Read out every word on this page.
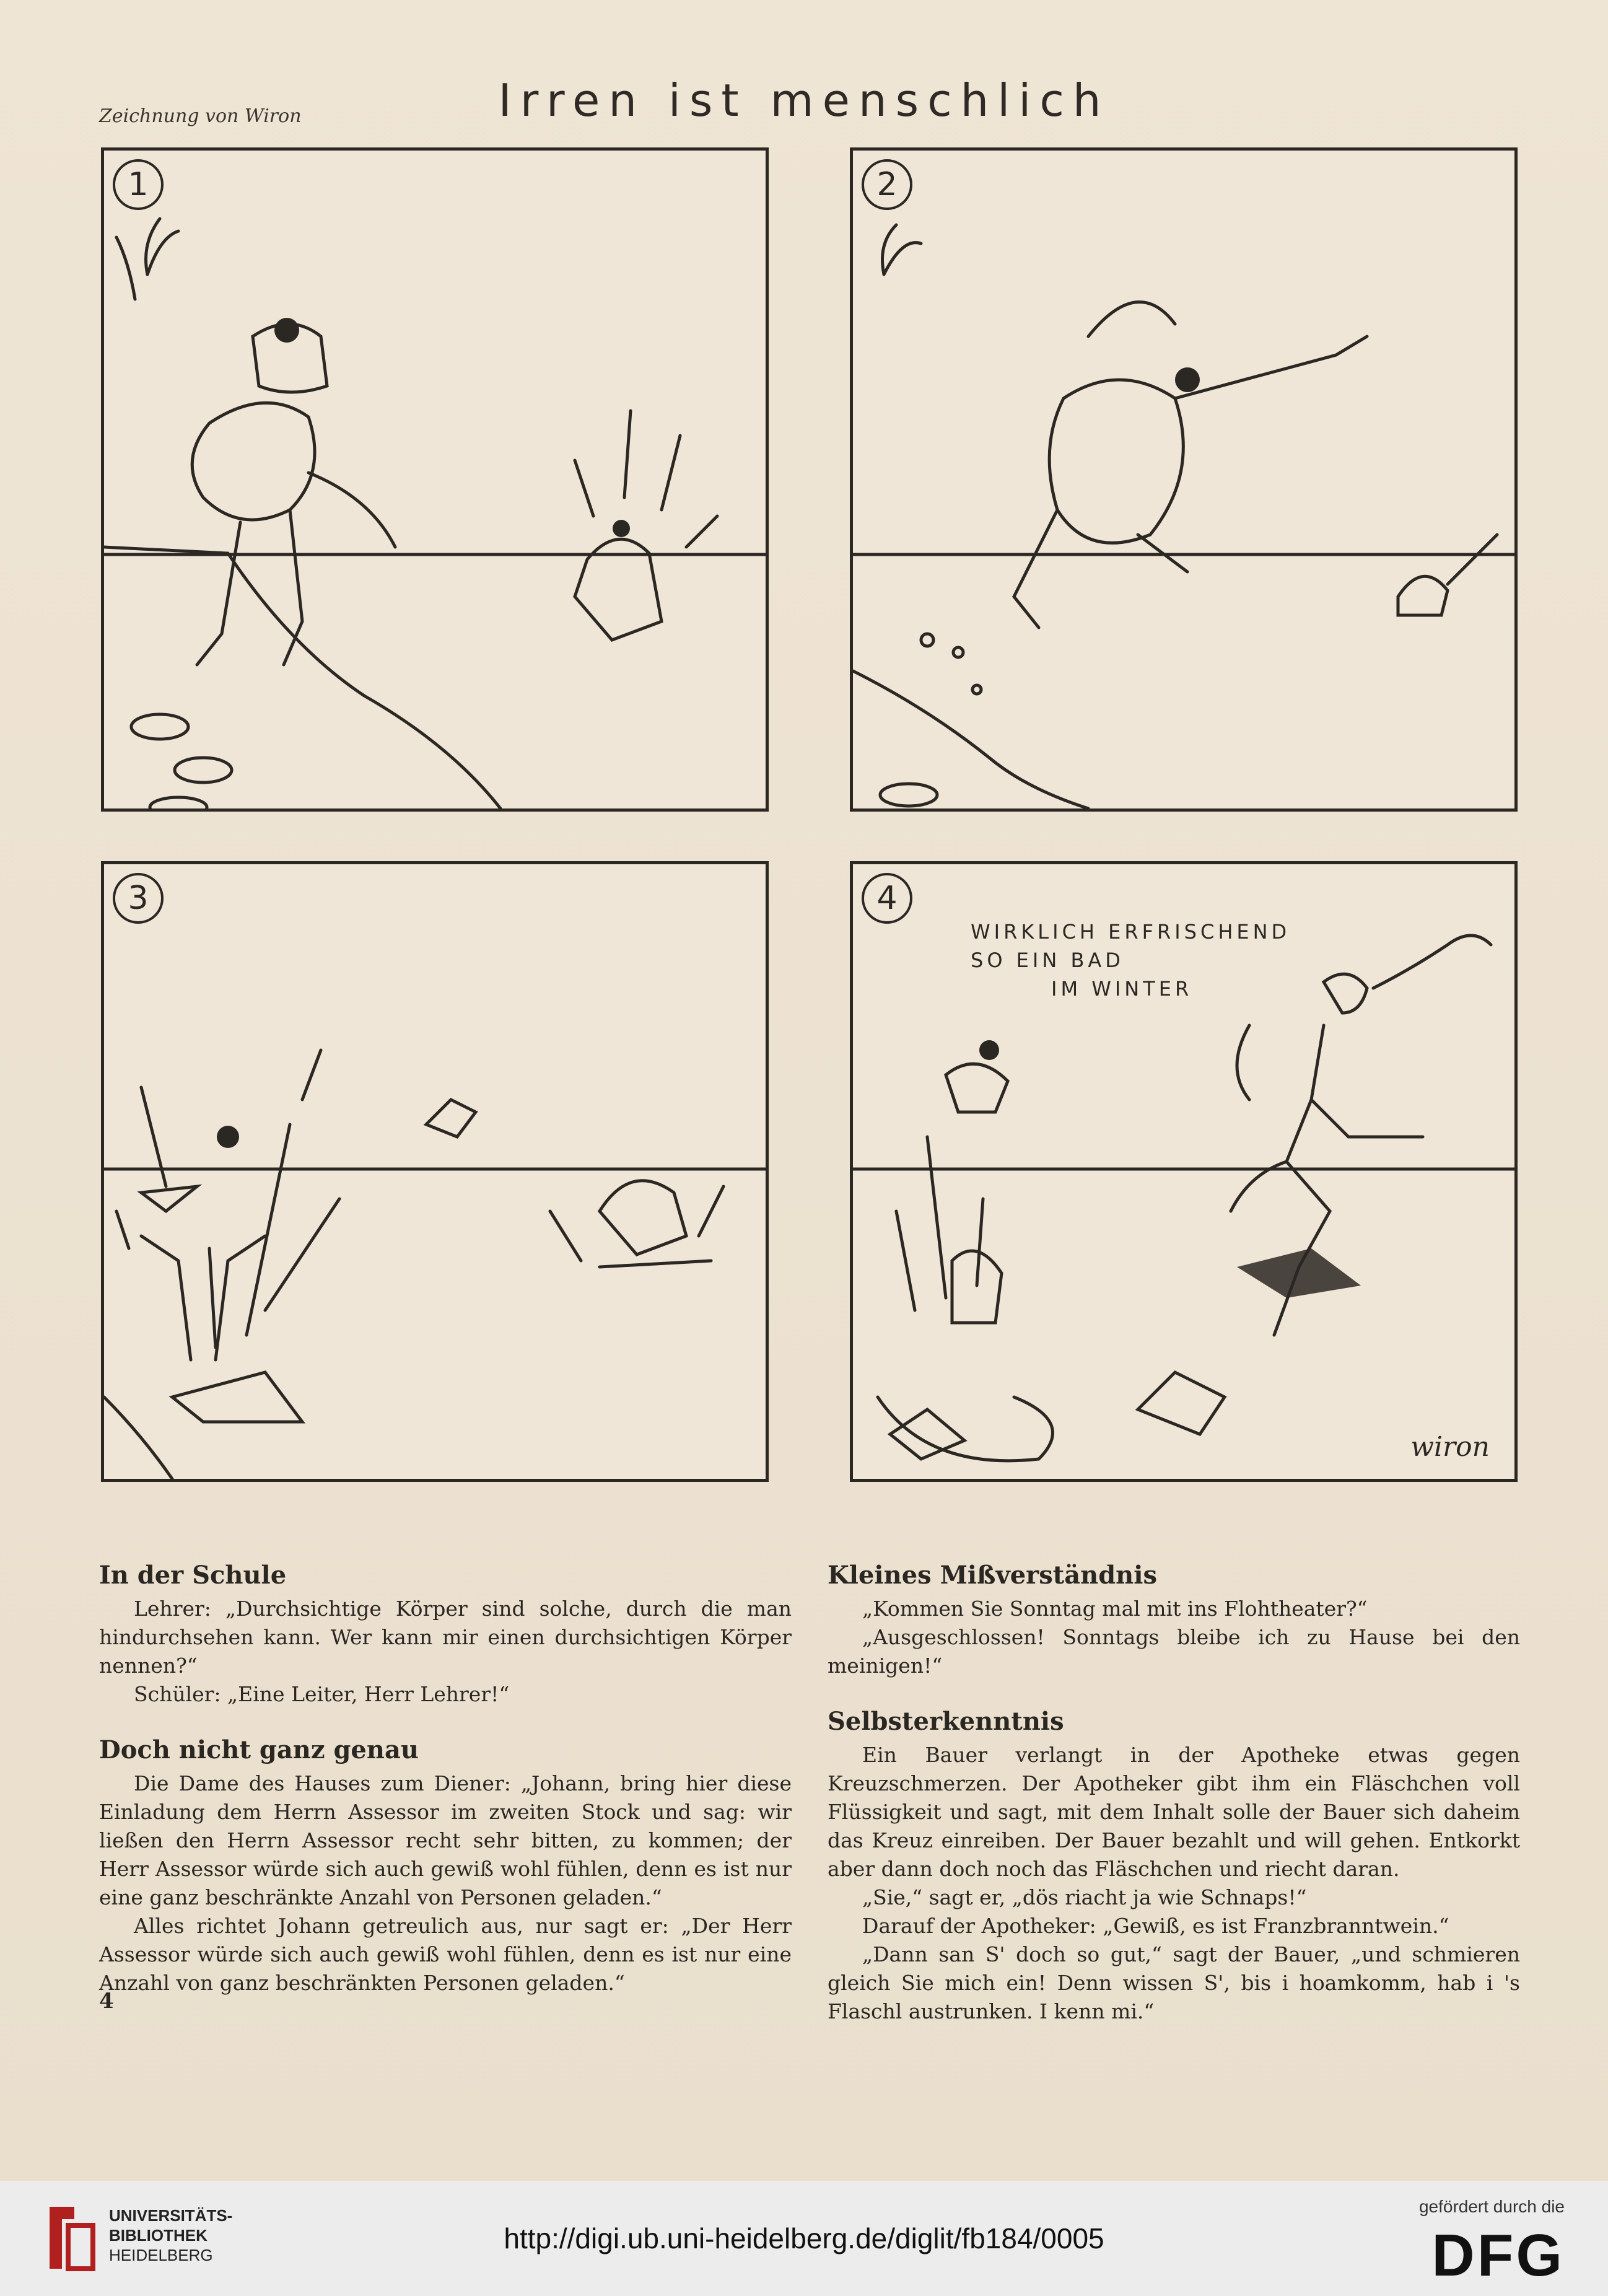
Zeichnung von Wiron	Irren ist menschlich
1	2
3	4
WIRKLICH ERFRISCHEND
SO EIN BAD
IM WINTER
wiron
In der Schule

Lehrer: „Durchsichtige Körper sind solche, durch die man hindurchsehen kann. Wer kann mir einen durchsichtigen Körper nennen?“

Schüler: „Eine Leiter, Herr Lehrer!“

Doch nicht ganz genau

Die Dame des Hauses zum Diener: „Johann, bring hier diese Einladung dem Herrn Assessor im zweiten Stock und sag: wir ließen den Herrn Assessor recht sehr bitten, zu kommen; der Herr Assessor würde sich auch gewiß wohl fühlen, denn es ist nur eine ganz beschränkte Anzahl von Personen geladen.“

Alles richtet Johann getreulich aus, nur sagt er: „Der Herr Assessor würde sich auch gewiß wohl fühlen, denn es ist nur eine Anzahl von ganz beschränkten Personen geladen.“

Kleines Mißverständnis

„Kommen Sie Sonntag mal mit ins Flohtheater?“

„Ausgeschlossen! Sonntags bleibe ich zu Hause bei den meinigen!“

Selbsterkenntnis

Ein Bauer verlangt in der Apotheke etwas gegen Kreuzschmerzen. Der Apotheker gibt ihm ein Fläschchen voll Flüssigkeit und sagt, mit dem Inhalt solle der Bauer sich daheim das Kreuz einreiben. Der Bauer bezahlt und will gehen. Entkorkt aber dann doch noch das Fläschchen und riecht daran.

„Sie,“ sagt er, „dös riacht ja wie Schnaps!“

Darauf der Apotheker: „Gewiß, es ist Franzbranntwein.“

„Dann san S' doch so gut,“ sagt der Bauer, „und schmieren gleich Sie mich ein! Denn wissen S', bis i hoamkomm, hab i 's Flaschl austrunken. I kenn mi.“

4
UNIVERSITÄTS-
BIBLIOTHEK
HEIDELBERG
http://digi.ub.uni-heidelberg.de/diglit/fb184/0005
gefördert durch die
DFG
